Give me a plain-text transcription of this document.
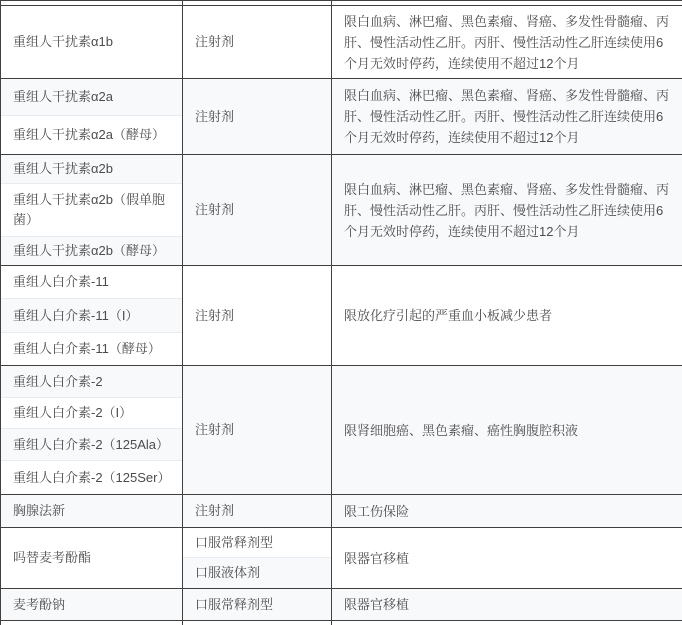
重组人干扰素α1b	注射剂	限白血病、淋巴瘤、黑色素瘤、肾癌、多发性骨髓瘤、丙肝、慢性活动性乙肝。丙肝、慢性活动性乙肝连续使用6个月无效时停药，连续使用不超过12个月
重组人干扰素α2a	注射剂	限白血病、淋巴瘤、黑色素瘤、肾癌、多发性骨髓瘤、丙肝、慢性活动性乙肝。丙肝、慢性活动性乙肝连续使用6个月无效时停药，连续使用不超过12个月
重组人干扰素α2a（酵母）		
重组人干扰素α2b	注射剂	限白血病、淋巴瘤、黑色素瘤、肾癌、多发性骨髓瘤、丙肝、慢性活动性乙肝。丙肝、慢性活动性乙肝连续使用6个月无效时停药，连续使用不超过12个月
重组人干扰素α2b（假单胞菌）		
重组人干扰素α2b（酵母）		
重组人白介素-11	注射剂	限放化疗引起的严重血小板减少患者
重组人白介素-11（I）		
重组人白介素-11（酵母）		
重组人白介素-2	注射剂	限肾细胞癌、黑色素瘤、癌性胸腹腔积液
重组人白介素-2（I）		
重组人白介素-2（125Ala）		
重组人白介素-2（125Ser）		
胸腺法新	注射剂	限工伤保险
吗替麦考酚酯	口服常释剂型	限器官移植
	口服液体剂	
麦考酚钠	口服常释剂型	限器官移植
